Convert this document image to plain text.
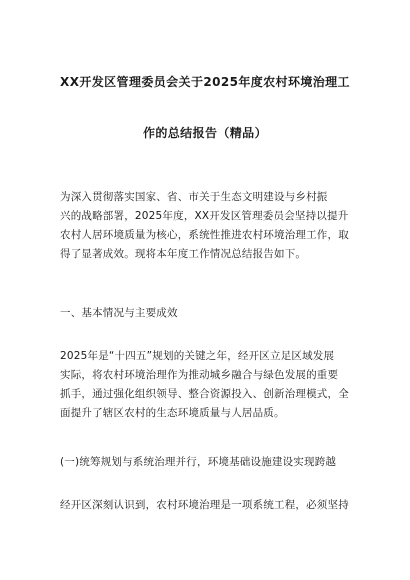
XX开发区管理委员会关于2025年度农村环境治理工
作的总结报告（精品）
为深入贯彻落实国家、省、市关于生态文明建设与乡村振
兴的战略部署，2025年度，XX开发区管理委员会坚持以提升
农村人居环境质量为核心，系统性推进农村环境治理工作，取
得了显著成效。现将本年度工作情况总结报告如下。
一、基本情况与主要成效
2025年是“十四五”规划的关键之年，经开区立足区域发展
实际，将农村环境治理作为推动城乡融合与绿色发展的重要
抓手，通过强化组织领导、整合资源投入、创新治理模式，全
面提升了辖区农村的生态环境质量与人居品质。
(一)统筹规划与系统治理并行，环境基础设施建设实现跨越
经开区深刻认识到，农村环境治理是一项系统工程，必须坚持
